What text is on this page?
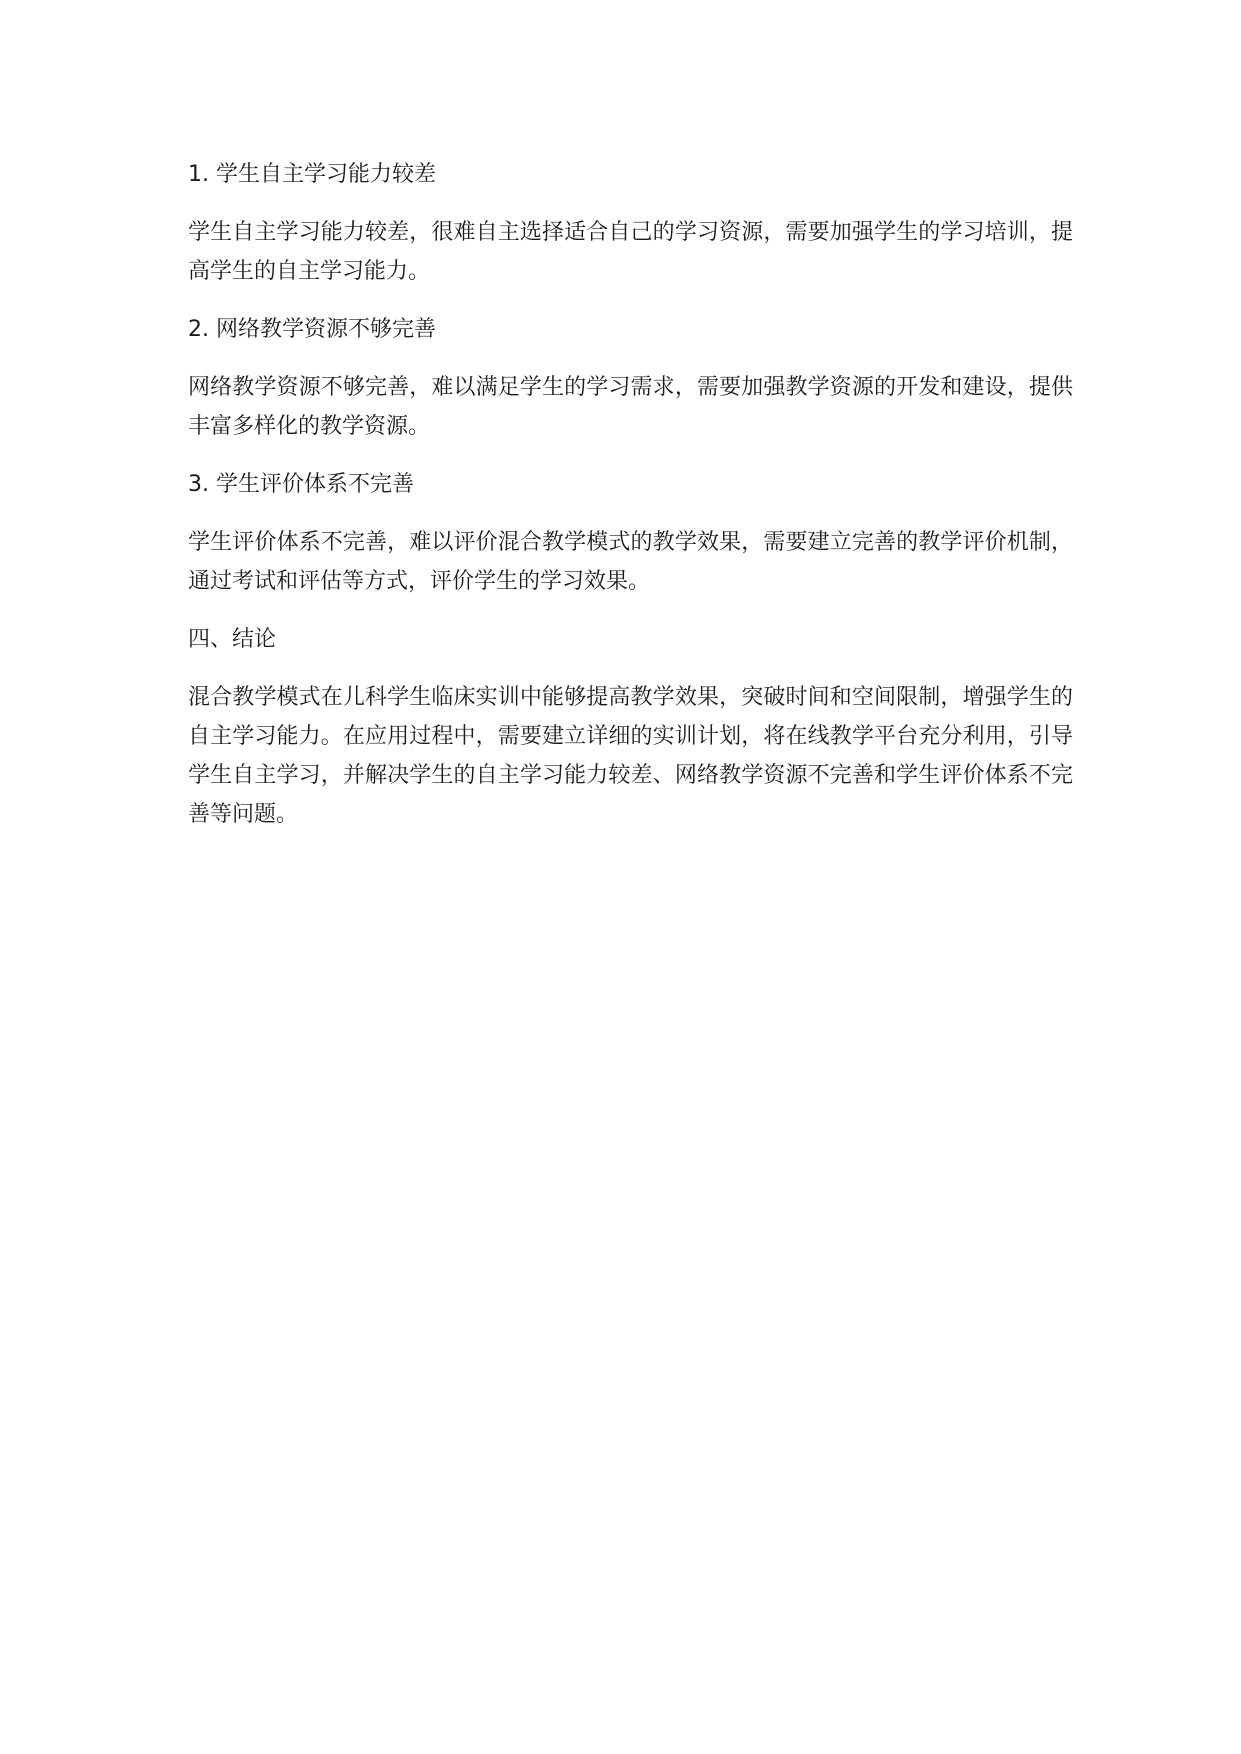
1. 学生自主学习能力较差

学生自主学习能力较差，很难自主选择适合自己的学习资源，需要加强学生的学习培训，提高学生的自主学习能力。

2. 网络教学资源不够完善

网络教学资源不够完善，难以满足学生的学习需求，需要加强教学资源的开发和建设，提供丰富多样化的教学资源。

3. 学生评价体系不完善

学生评价体系不完善，难以评价混合教学模式的教学效果，需要建立完善的教学评价机制，通过考试和评估等方式，评价学生的学习效果。

四、结论

混合教学模式在儿科学生临床实训中能够提高教学效果，突破时间和空间限制，增强学生的自主学习能力。在应用过程中，需要建立详细的实训计划，将在线教学平台充分利用，引导学生自主学习，并解决学生的自主学习能力较差、网络教学资源不完善和学生评价体系不完善等问题。
